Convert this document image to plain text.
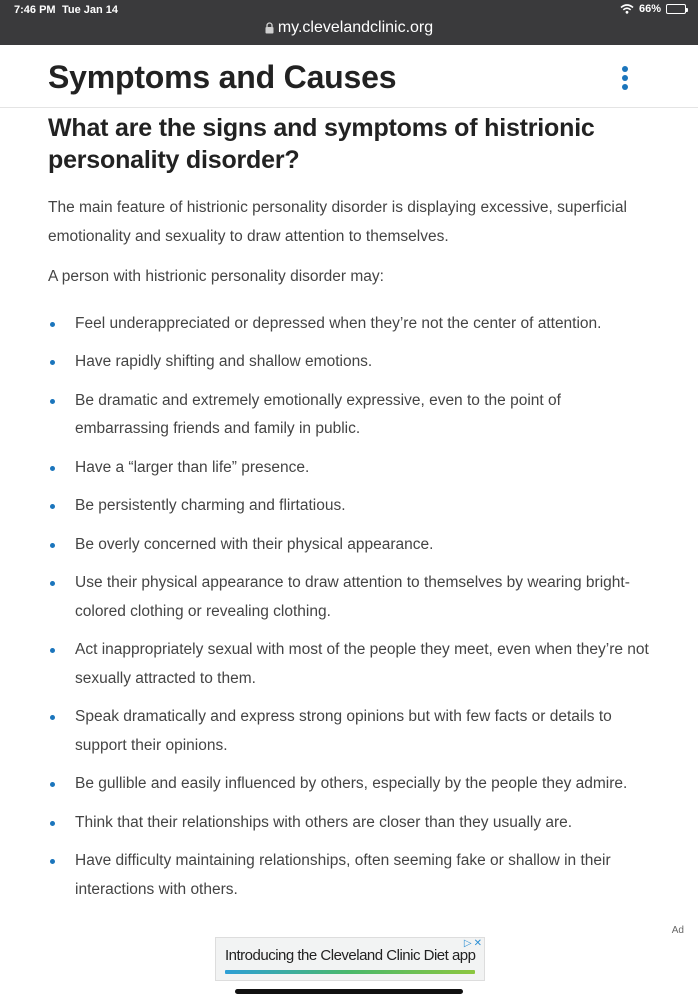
7:46 PM Tue Jan 14	66%
my.clevelandclinic.org
Symptoms and Causes
What are the signs and symptoms of histrionic personality disorder?

The main feature of histrionic personality disorder is displaying excessive, superficial emotionality and sexuality to draw attention to themselves.

A person with histrionic personality disorder may:

Feel underappreciated or depressed when they’re not the center of attention.
Have rapidly shifting and shallow emotions.
Be dramatic and extremely emotionally expressive, even to the point of embarrassing friends and family in public.
Have a “larger than life” presence.
Be persistently charming and flirtatious.
Be overly concerned with their physical appearance.
Use their physical appearance to draw attention to themselves by wearing bright-colored clothing or revealing clothing.
Act inappropriately sexual with most of the people they meet, even when they’re not sexually attracted to them.
Speak dramatically and express strong opinions but with few facts or details to support their opinions.
Be gullible and easily influenced by others, especially by the people they admire.
Think that their relationships with others are closer than they usually are.
Have difficulty maintaining relationships, often seeming fake or shallow in their interactions with others.
Ad
Introducing the Cleveland Clinic Diet app
▷ ✕
